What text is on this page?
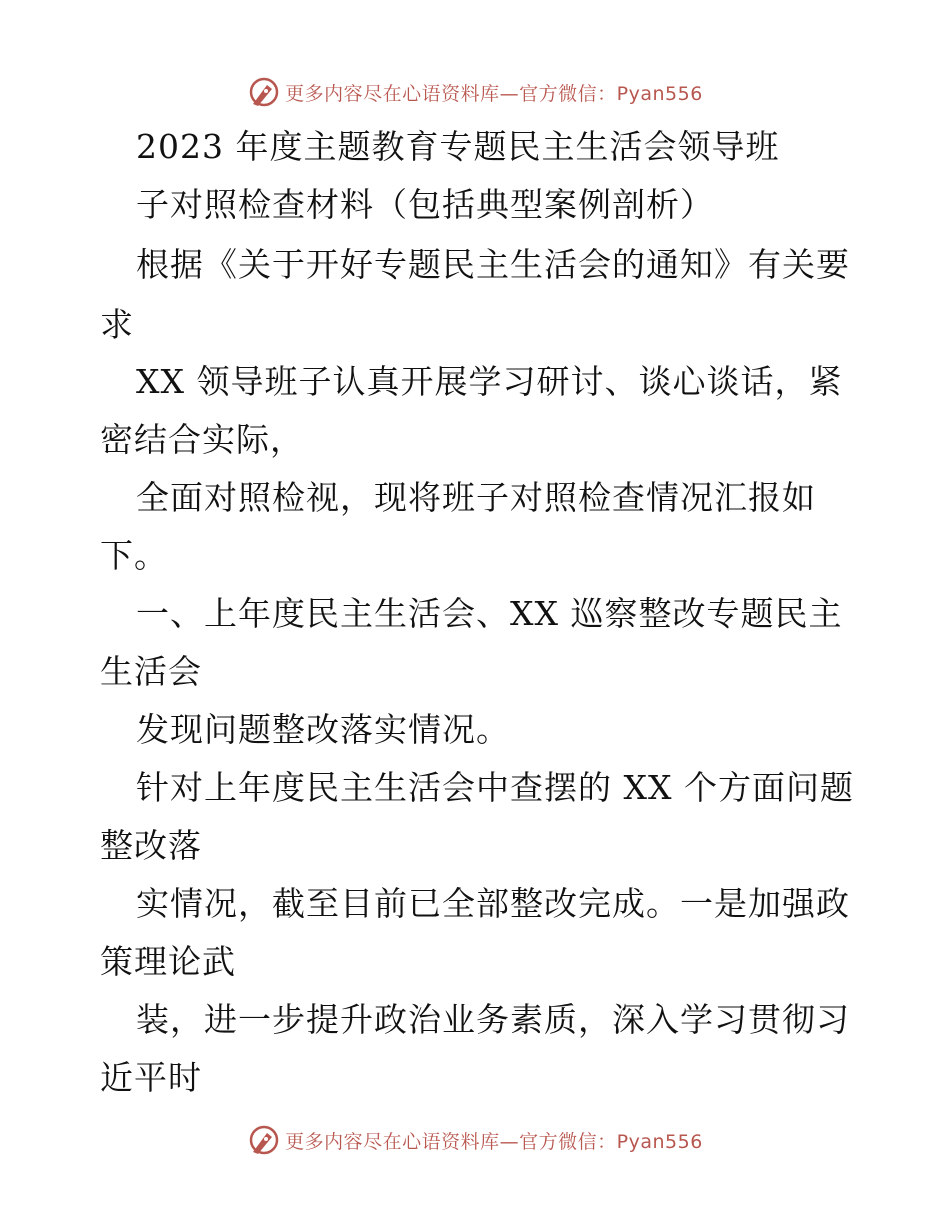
更多内容尽在心语资料库—官方微信：Pyan556
2023 年度主题教育专题民主生活会领导班
子对照检查材料（包括典型案例剖析）
根据《关于开好专题民主生活会的通知》有关要
求
XX 领导班子认真开展学习研讨、谈心谈话，紧
密结合实际，
全面对照检视，现将班子对照检查情况汇报如
下。
一、上年度民主生活会、XX 巡察整改专题民主
生活会
发现问题整改落实情况。
针对上年度民主生活会中查摆的 XX 个方面问题
整改落
实情况，截至目前已全部整改完成。一是加强政
策理论武
装，进一步提升政治业务素质，深入学习贯彻习
近平时
更多内容尽在心语资料库—官方微信：Pyan556
